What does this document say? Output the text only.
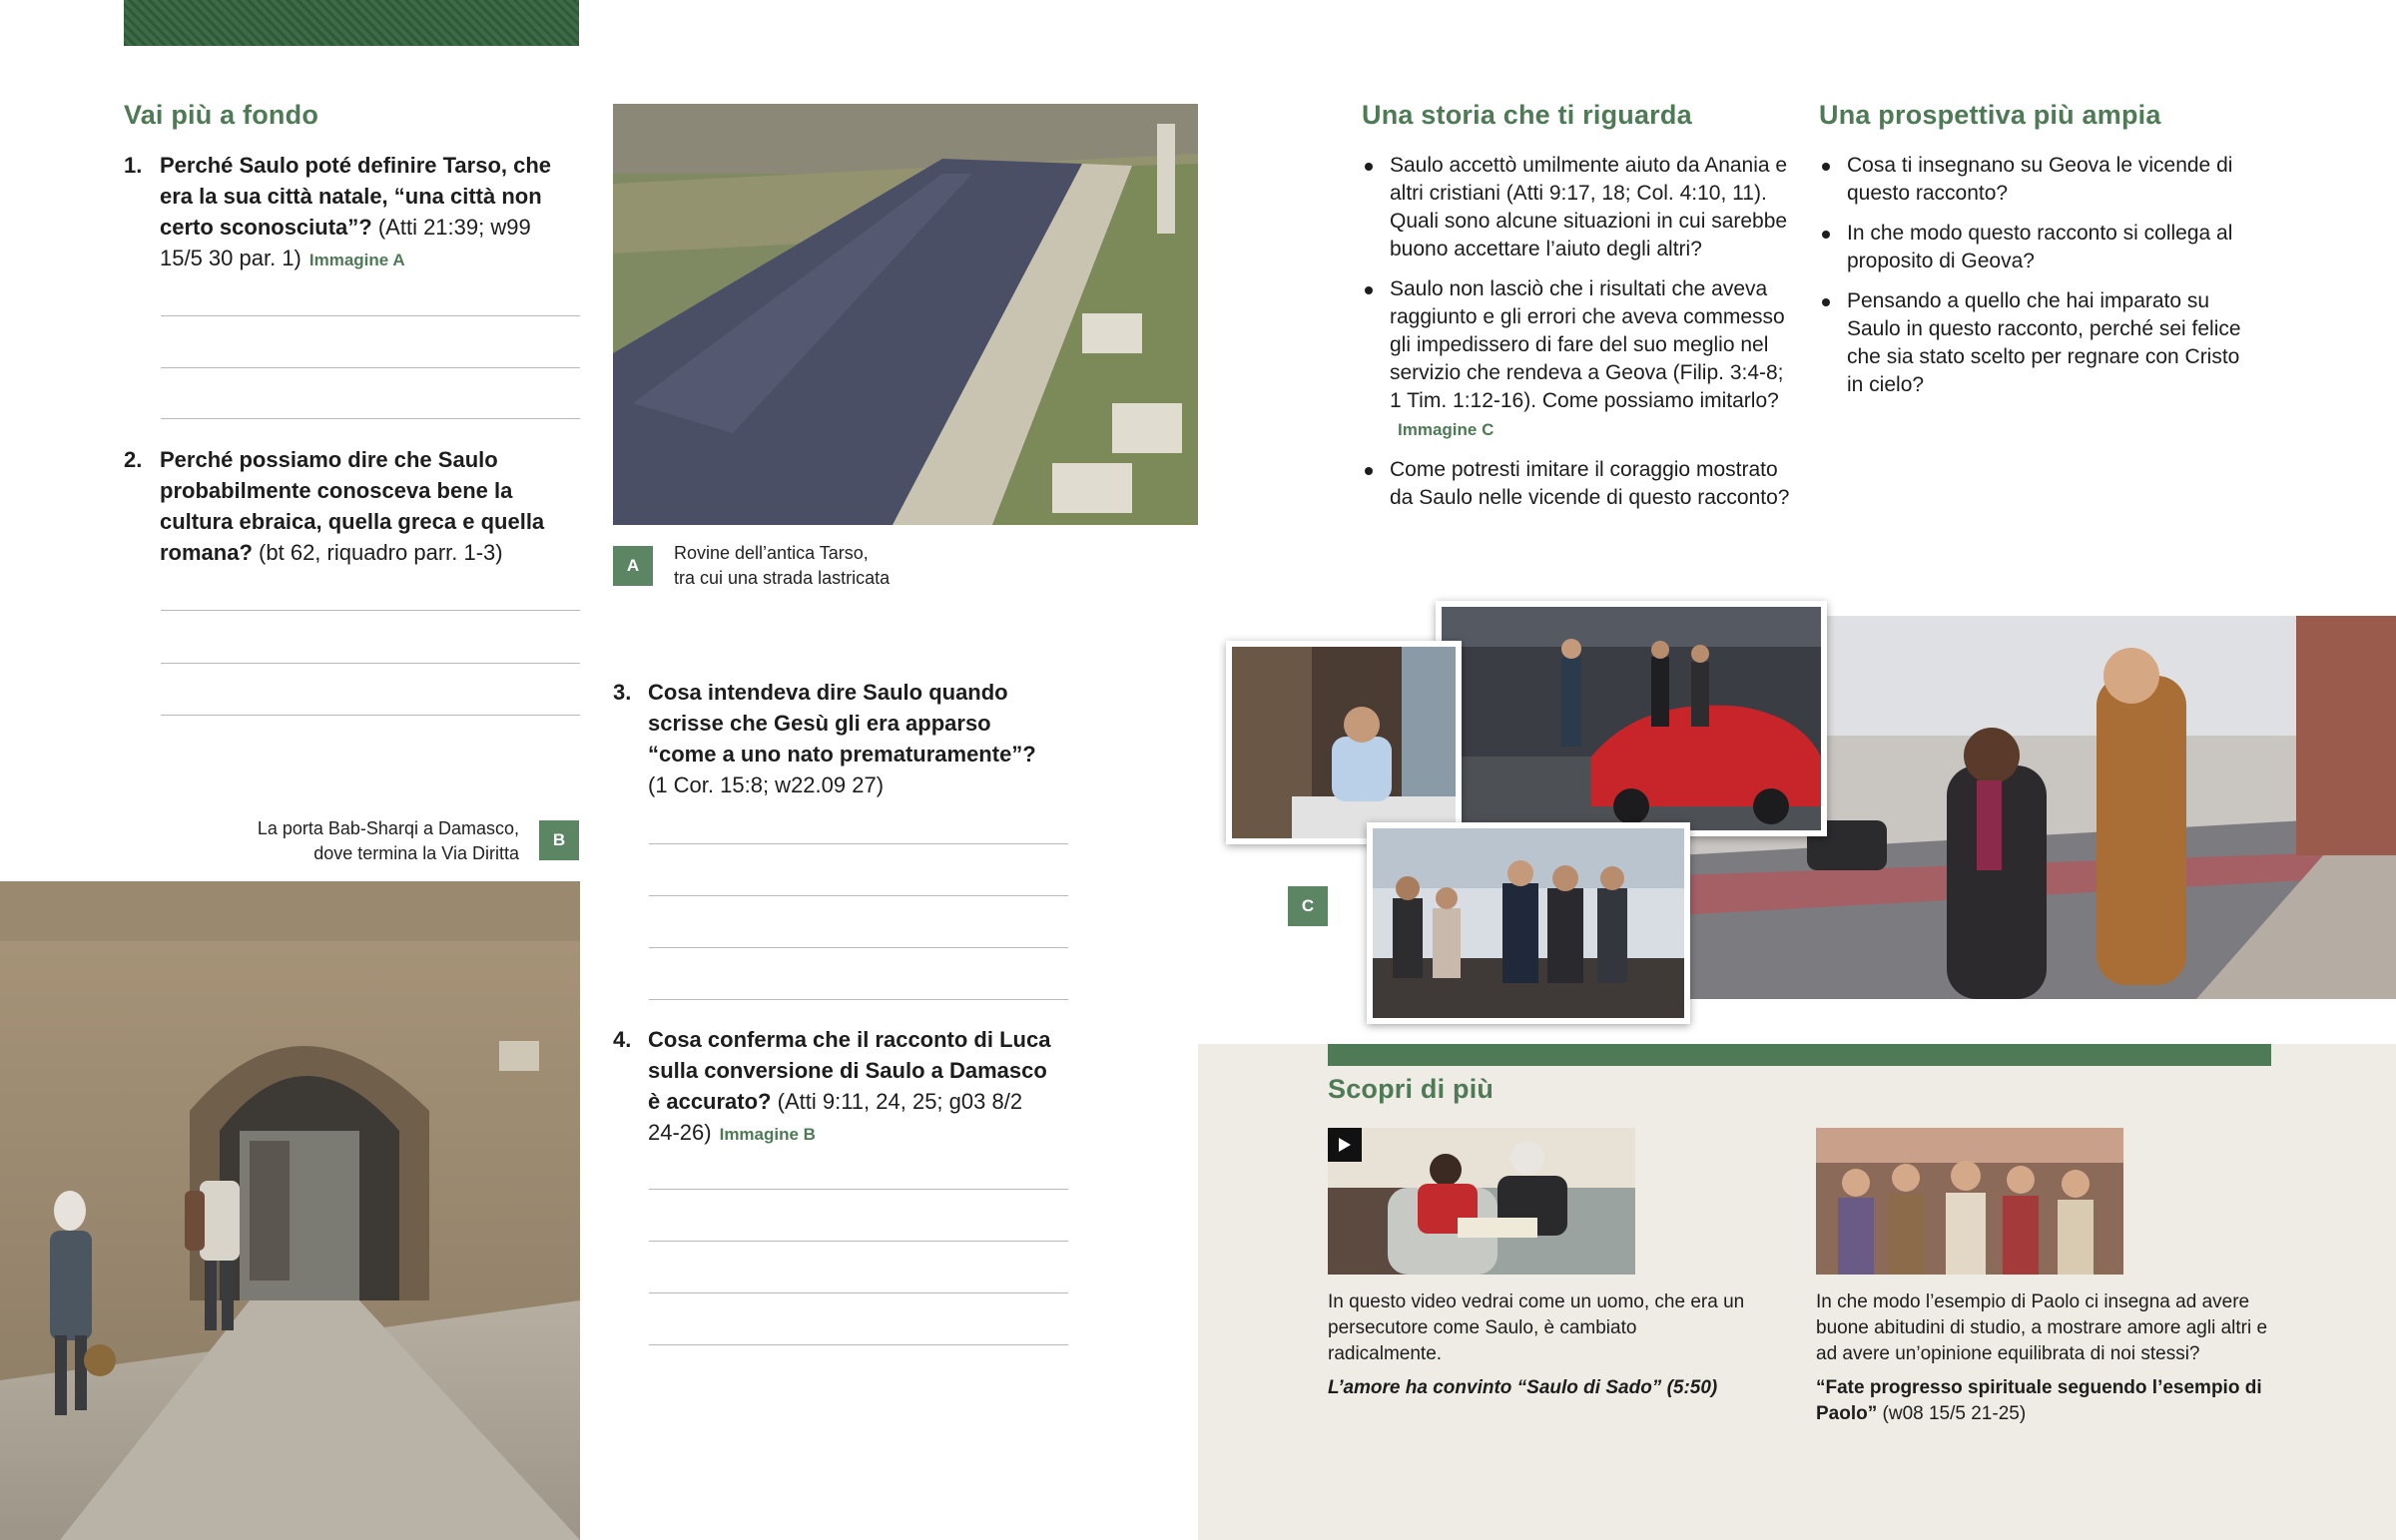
Vai più a fondo
1. Perché Saulo poté definire Tarso, che era la sua città natale, “una città non certo sconosciuta”? (Atti 21:39; w99 15/5 30 par. 1) Immagine A
2. Perché possiamo dire che Saulo probabilmente conosceva bene la cultura ebraica, quella greca e quella romana? (bt 62, riquadro parr. 1-3)
La porta Bab-Sharqi a Damasco,
dove termina la Via Diritta
B
A
Rovine dell’antica Tarso,
tra cui una strada lastricata
3. Cosa intendeva dire Saulo quando scrisse che Gesù gli era apparso “come a uno nato prematuramente”? (1 Cor. 15:8; w22.09 27)
4. Cosa conferma che il racconto di Luca sulla conversione di Saulo a Damasco è accurato? (Atti 9:11, 24, 25; g03 8/2 24-26) Immagine B
Una storia che ti riguarda
Saulo accettò umilmente aiuto da Anania e altri cristiani (Atti 9:17, 18; Col. 4:10, 11). Quali sono alcune situazioni in cui sarebbe buono accettare l’aiuto degli altri?
Saulo non lasciò che i risultati che aveva raggiunto e gli errori che aveva commesso gli impedissero di fare del suo meglio nel servizio che rendeva a Geova (Filip. 3:4-8; 1 Tim. 1:12-16). Come possiamo imitarlo?Immagine C
Come potresti imitare il coraggio mostrato da Saulo nelle vicende di questo racconto?
Una prospettiva più ampia
Cosa ti insegnano su Geova le vicende di questo racconto?
In che modo questo racconto si collega al proposito di Geova?
Pensando a quello che hai imparato su Saulo in questo racconto, perché sei felice che sia stato scelto per regnare con Cristo in cielo?
C
Scopri di più
In questo video vedrai come un uomo, che era un persecutore come Saulo, è cambiato radicalmente.
L’amore ha convinto “Saulo di Sado” (5:50)
In che modo l’esempio di Paolo ci insegna ad avere buone abitudini di studio, a mostrare amore agli altri e ad avere un’opinione equilibrata di noi stessi?
“Fate progresso spirituale seguendo l’esempio di Paolo” (w08 15/5 21-25)
